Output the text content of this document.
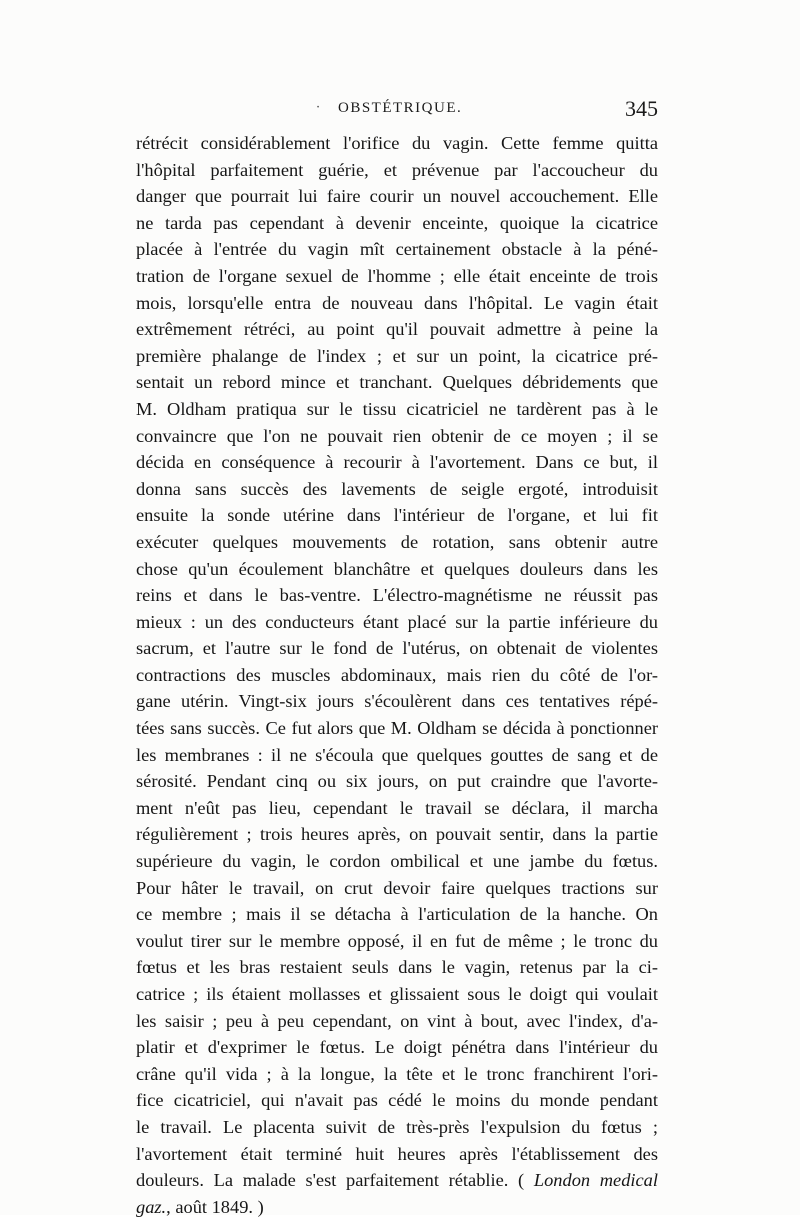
· OBSTÉTRIQUE.	345
rétrécit considérablement l'orifice du vagin. Cette femme quitta
l'hôpital parfaitement guérie, et prévenue par l'accoucheur du
danger que pourrait lui faire courir un nouvel accouchement. Elle
ne tarda pas cependant à devenir enceinte, quoique la cicatrice
placée à l'entrée du vagin mît certainement obstacle à la péné-
tration de l'organe sexuel de l'homme ; elle était enceinte de trois
mois, lorsqu'elle entra de nouveau dans l'hôpital. Le vagin était
extrêmement rétréci, au point qu'il pouvait admettre à peine la
première phalange de l'index ; et sur un point, la cicatrice pré-
sentait un rebord mince et tranchant. Quelques débridements que
M. Oldham pratiqua sur le tissu cicatriciel ne tardèrent pas à le
convaincre que l'on ne pouvait rien obtenir de ce moyen ; il se
décida en conséquence à recourir à l'avortement. Dans ce but, il
donna sans succès des lavements de seigle ergoté, introduisit
ensuite la sonde utérine dans l'intérieur de l'organe, et lui fit
exécuter quelques mouvements de rotation, sans obtenir autre
chose qu'un écoulement blanchâtre et quelques douleurs dans les
reins et dans le bas-ventre. L'électro-magnétisme ne réussit pas
mieux : un des conducteurs étant placé sur la partie inférieure du
sacrum, et l'autre sur le fond de l'utérus, on obtenait de violentes
contractions des muscles abdominaux, mais rien du côté de l'or-
gane utérin. Vingt-six jours s'écoulèrent dans ces tentatives répé-
tées sans succès. Ce fut alors que M. Oldham se décida à ponctionner
les membranes : il ne s'écoula que quelques gouttes de sang et de
sérosité. Pendant cinq ou six jours, on put craindre que l'avorte-
ment n'eût pas lieu, cependant le travail se déclara, il marcha
régulièrement ; trois heures après, on pouvait sentir, dans la partie
supérieure du vagin, le cordon ombilical et une jambe du fœtus.
Pour hâter le travail, on crut devoir faire quelques tractions sur
ce membre ; mais il se détacha à l'articulation de la hanche. On
voulut tirer sur le membre opposé, il en fut de même ; le tronc du
fœtus et les bras restaient seuls dans le vagin, retenus par la ci-
catrice ; ils étaient mollasses et glissaient sous le doigt qui voulait
les saisir ; peu à peu cependant, on vint à bout, avec l'index, d'a-
platir et d'exprimer le fœtus. Le doigt pénétra dans l'intérieur du
crâne qu'il vida ; à la longue, la tête et le tronc franchirent l'ori-
fice cicatriciel, qui n'avait pas cédé le moins du monde pendant
le travail. Le placenta suivit de très-près l'expulsion du fœtus ;
l'avortement était terminé huit heures après l'établissement des
douleurs. La malade s'est parfaitement rétablie. ( London medical
gaz., août 1849. )
